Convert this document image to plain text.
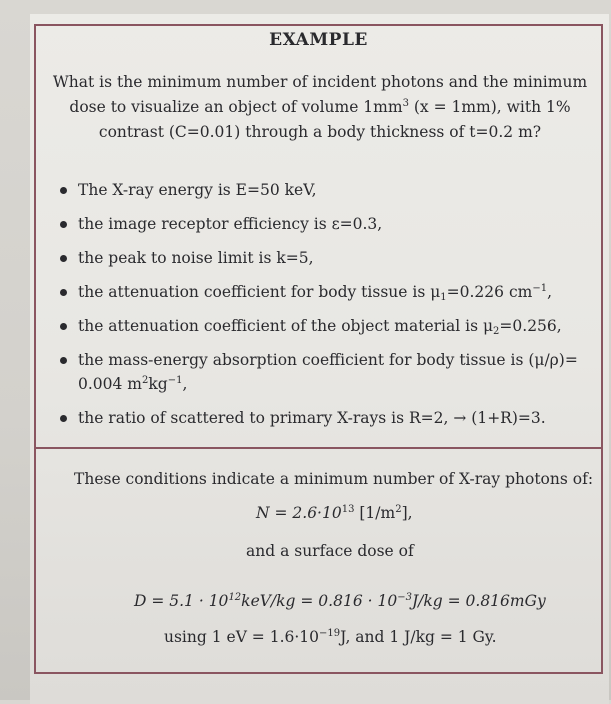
EXAMPLE
What is the minimum number of incident photons and the minimum
dose to visualize an object of volume $1mm^3$ (x = 1mm), with 1%
contrast (C=0.01) through a body thickness of t=0.2 m?
The X-ray energy is E=50 keV,
the image receptor efficiency is ε=0.3,
the peak to noise limit is k=5,
the attenuation coefficient for body tissue is $\mu_1=0.226$ $cm^{-1}$,
the attenuation coefficient of the object material is $\mu_2=0.256$,
the mass-energy absorption coefficient for body tissue is (μ/ρ)=
0.004 $m^2kg^{-1}$,
the ratio of scattered to primary X-rays is R=2, → (1+R)=3.
These conditions indicate a minimum number of X-ray photons of:
$N = 2.6\cdot 10^{13}$ $[1/m^2]$,
and a surface dose of
$D = 5.1 \cdot 10^{12}keV/kg = 0.816 \cdot 10^{-3}J/kg = 0.816mGy$
using 1 eV = $1.6\cdot 10^{-19}J$, and 1 J/kg = 1 Gy.
